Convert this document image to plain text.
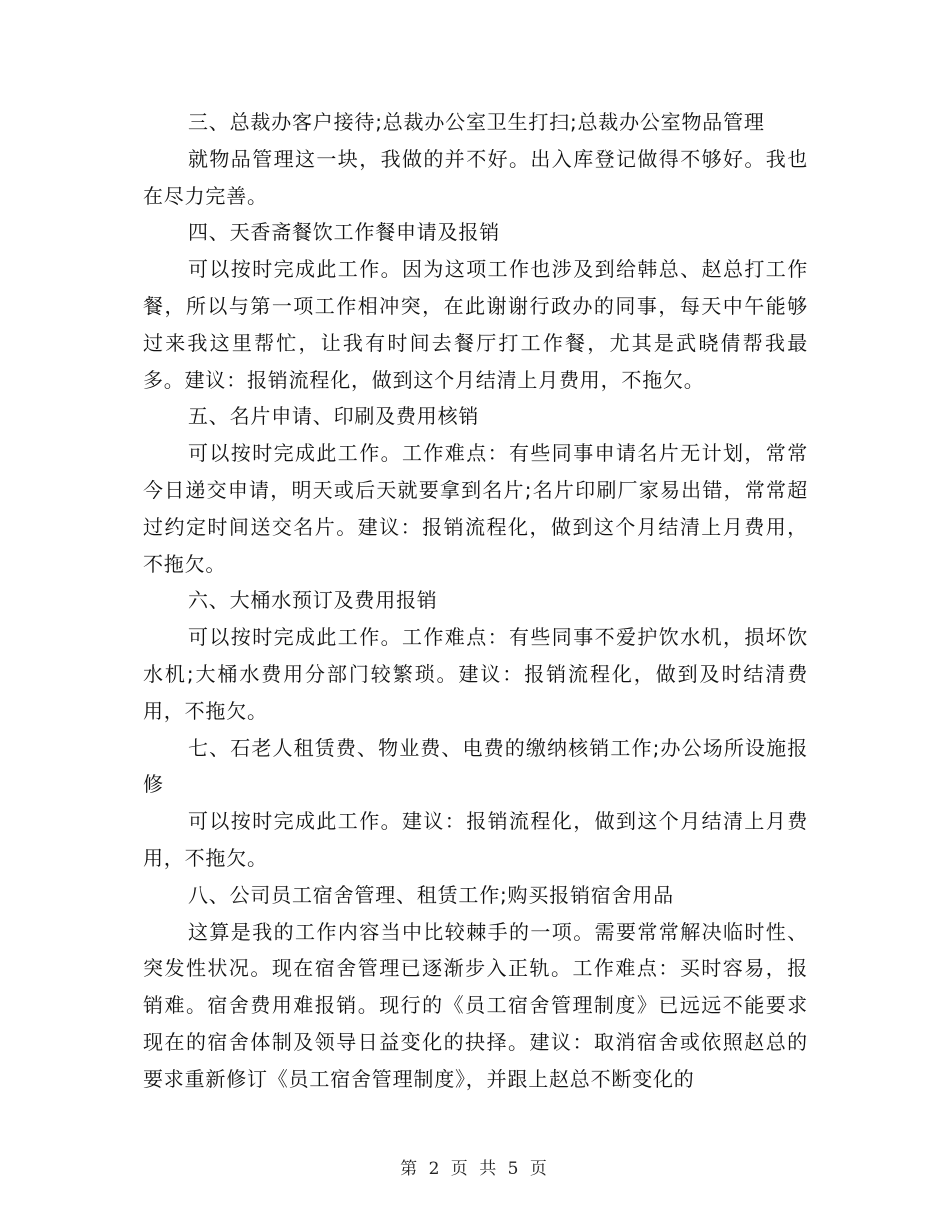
三、总裁办客户接待;总裁办公室卫生打扫;总裁办公室物品管理

就物品管理这一块，我做的并不好。出入库登记做得不够好。我也在尽力完善。

四、天香斋餐饮工作餐申请及报销

可以按时完成此工作。因为这项工作也涉及到给韩总、赵总打工作餐，所以与第一项工作相冲突，在此谢谢行政办的同事，每天中午能够过来我这里帮忙，让我有时间去餐厅打工作餐，尤其是武晓倩帮我最多。建议：报销流程化，做到这个月结清上月费用，不拖欠。

五、名片申请、印刷及费用核销

可以按时完成此工作。工作难点：有些同事申请名片无计划，常常今日递交申请，明天或后天就要拿到名片;名片印刷厂家易出错，常常超过约定时间送交名片。建议：报销流程化，做到这个月结清上月费用，不拖欠。

六、大桶水预订及费用报销

可以按时完成此工作。工作难点：有些同事不爱护饮水机，损坏饮水机;大桶水费用分部门较繁琐。建议：报销流程化，做到及时结清费用，不拖欠。

七、石老人租赁费、物业费、电费的缴纳核销工作;办公场所设施报修

可以按时完成此工作。建议：报销流程化，做到这个月结清上月费用，不拖欠。

八、公司员工宿舍管理、租赁工作;购买报销宿舍用品

这算是我的工作内容当中比较棘手的一项。需要常常解决临时性、突发性状况。现在宿舍管理已逐渐步入正轨。工作难点：买时容易，报销难。宿舍费用难报销。现行的《员工宿舍管理制度》已远远不能要求现在的宿舍体制及领导日益变化的抉择。建议：取消宿舍或依照赵总的要求重新修订《员工宿舍管理制度》，并跟上赵总不断变化的

第 2 页 共 5 页
